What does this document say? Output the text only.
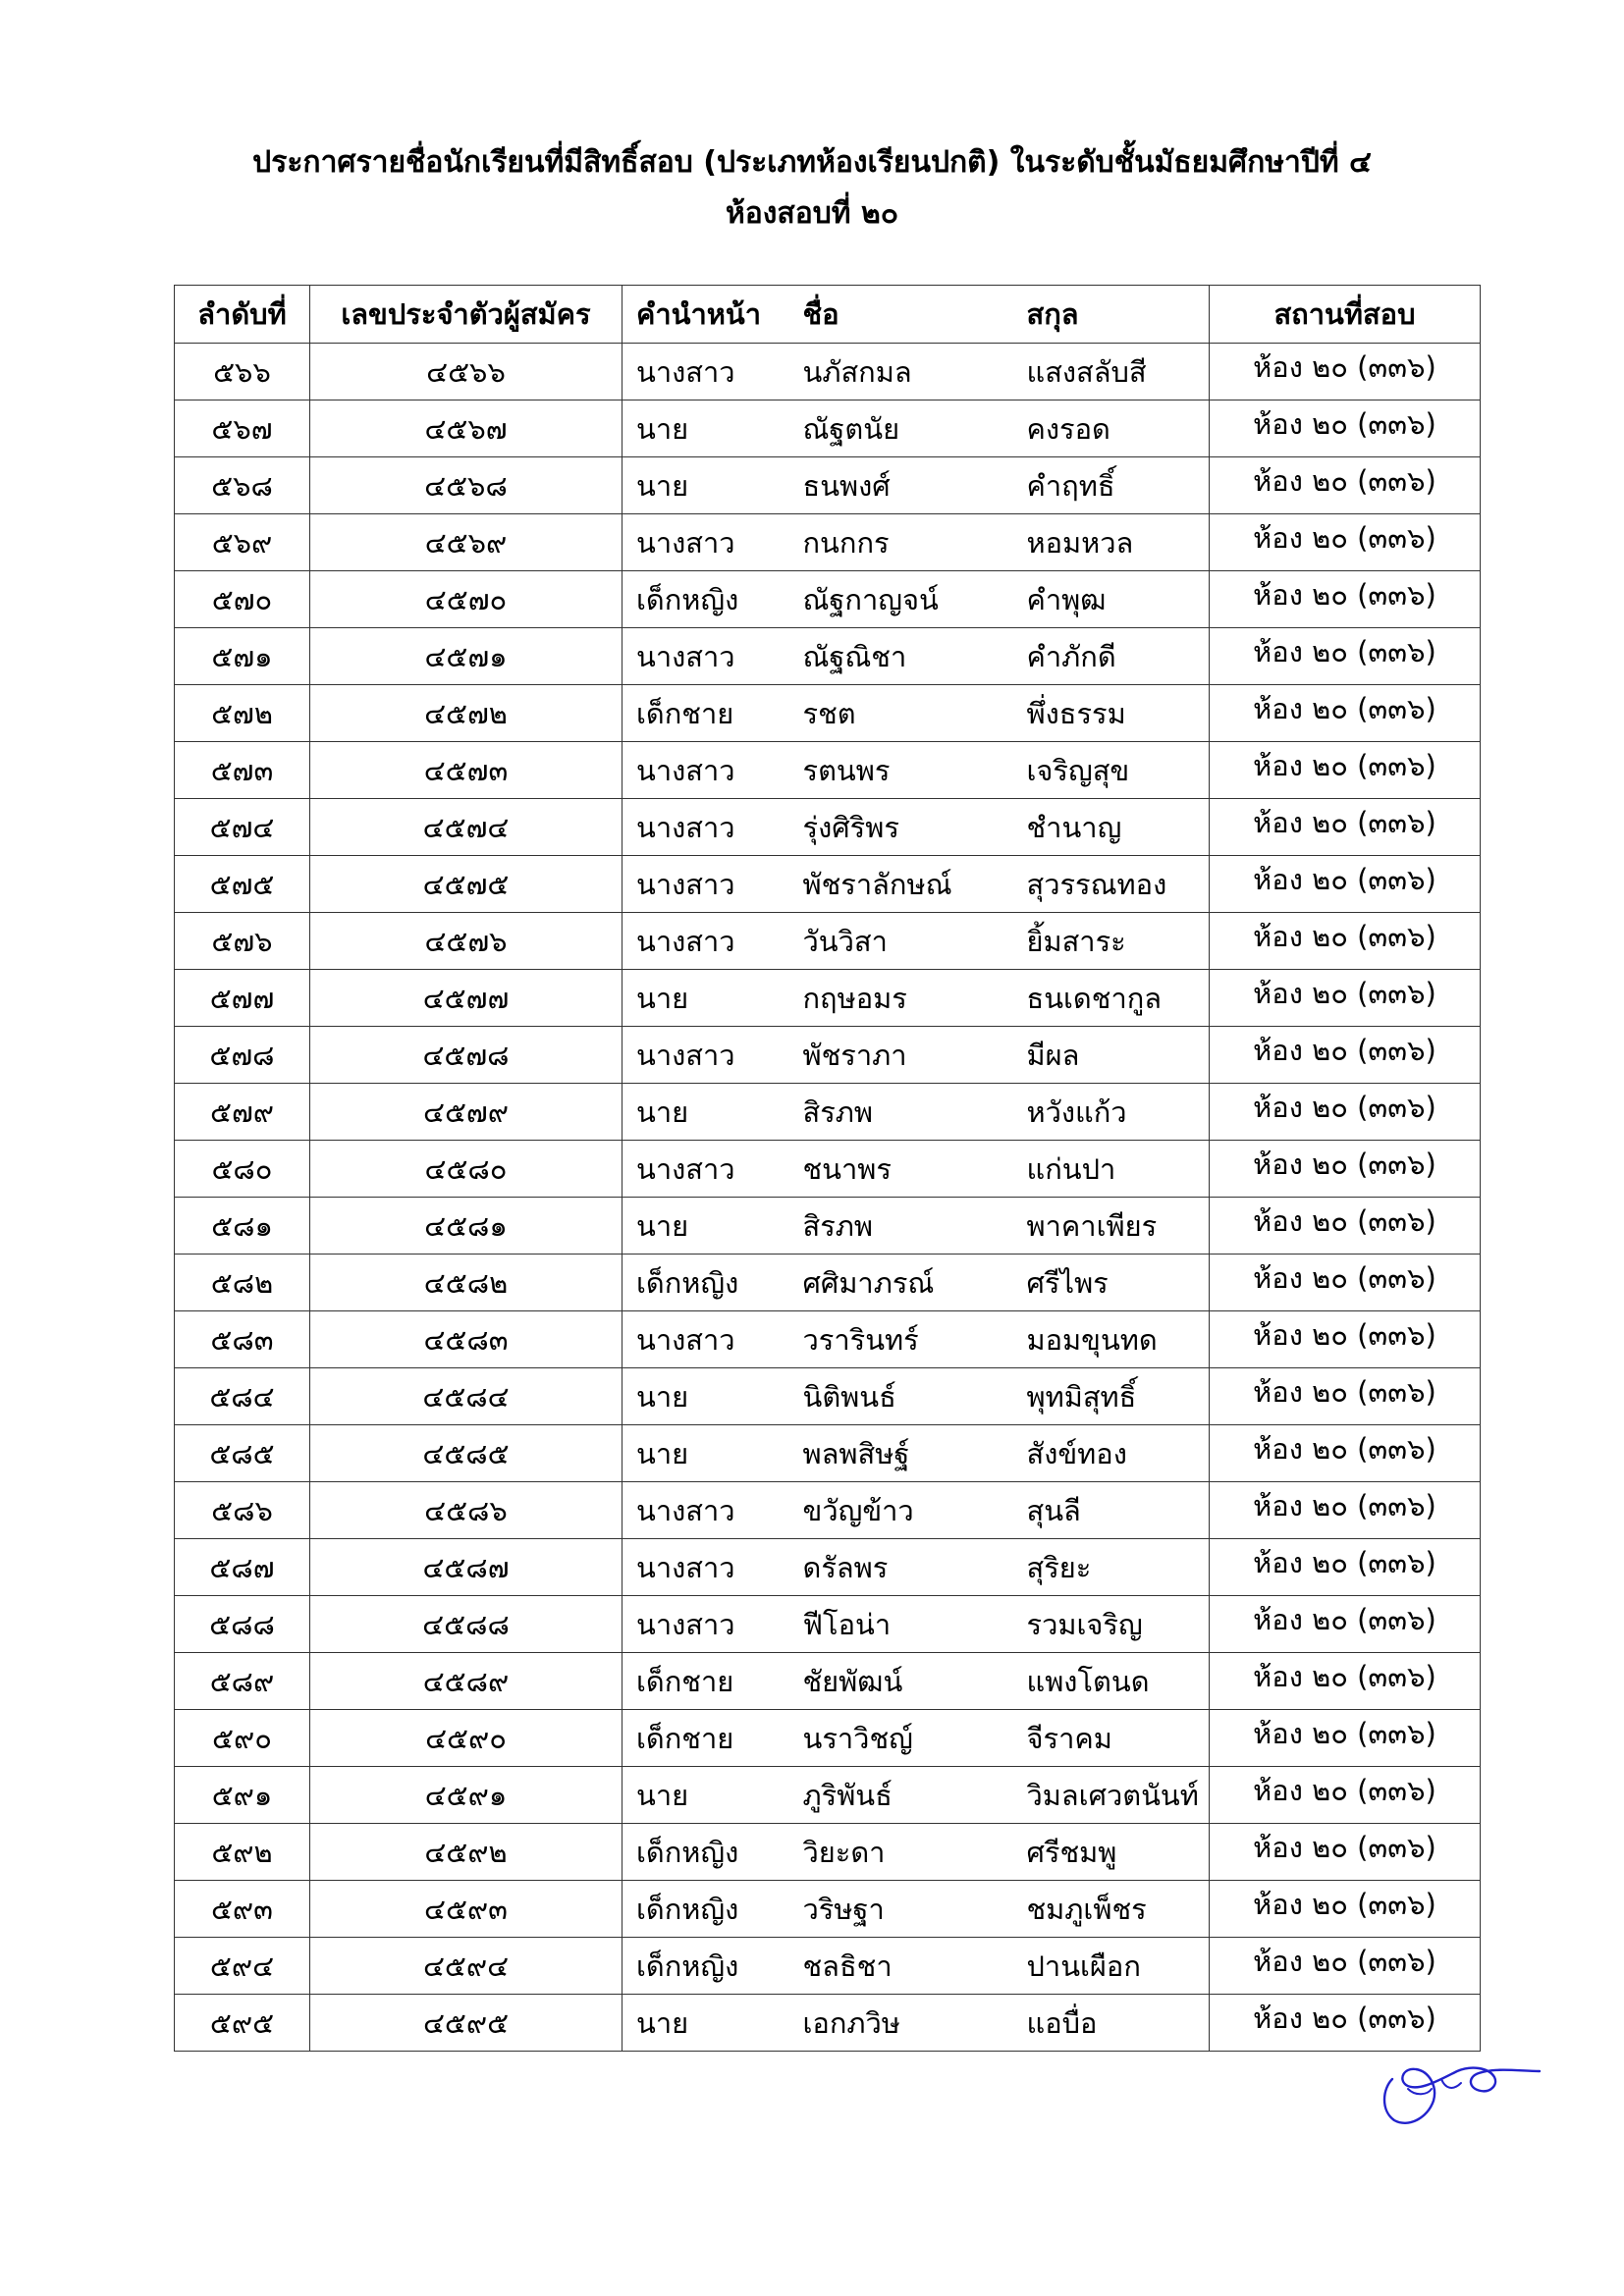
ประกาศรายชื่อนักเรียนที่มีสิทธิ์สอบ (ประเภทห้องเรียนปกติ) ในระดับชั้นมัธยมศึกษาปีที่ ๔
ห้องสอบที่ ๒๐
ลำดับที่	เลขประจำตัวผู้สมัคร	คำนำหน้า	ชื่อ	สกุล	สถานที่สอบ
๕๖๖	๔๕๖๖	นางสาว	นภัสกมล	แสงสลับสี	ห้อง ๒๐ (๓๓๖)
๕๖๗	๔๕๖๗	นาย	ณัฐตนัย	คงรอด	ห้อง ๒๐ (๓๓๖)
๕๖๘	๔๕๖๘	นาย	ธนพงศ์	คำฤทธิ์	ห้อง ๒๐ (๓๓๖)
๕๖๙	๔๕๖๙	นางสาว	กนกกร	หอมหวล	ห้อง ๒๐ (๓๓๖)
๕๗๐	๔๕๗๐	เด็กหญิง	ณัฐกาญจน์	คำพุฒ	ห้อง ๒๐ (๓๓๖)
๕๗๑	๔๕๗๑	นางสาว	ณัฐณิชา	คำภักดี	ห้อง ๒๐ (๓๓๖)
๕๗๒	๔๕๗๒	เด็กชาย	รชต	พึ่งธรรม	ห้อง ๒๐ (๓๓๖)
๕๗๓	๔๕๗๓	นางสาว	รตนพร	เจริญสุข	ห้อง ๒๐ (๓๓๖)
๕๗๔	๔๕๗๔	นางสาว	รุ่งศิริพร	ชำนาญ	ห้อง ๒๐ (๓๓๖)
๕๗๕	๔๕๗๕	นางสาว	พัชราลักษณ์	สุวรรณทอง	ห้อง ๒๐ (๓๓๖)
๕๗๖	๔๕๗๖	นางสาว	วันวิสา	ยิ้มสาระ	ห้อง ๒๐ (๓๓๖)
๕๗๗	๔๕๗๗	นาย	กฤษอมร	ธนเดชากูล	ห้อง ๒๐ (๓๓๖)
๕๗๘	๔๕๗๘	นางสาว	พัชราภา	มีผล	ห้อง ๒๐ (๓๓๖)
๕๗๙	๔๕๗๙	นาย	สิรภพ	หวังแก้ว	ห้อง ๒๐ (๓๓๖)
๕๘๐	๔๕๘๐	นางสาว	ชนาพร	แก่นปา	ห้อง ๒๐ (๓๓๖)
๕๘๑	๔๕๘๑	นาย	สิรภพ	พาคาเพียร	ห้อง ๒๐ (๓๓๖)
๕๘๒	๔๕๘๒	เด็กหญิง	ศศิมาภรณ์	ศรีไพร	ห้อง ๒๐ (๓๓๖)
๕๘๓	๔๕๘๓	นางสาว	วรารินทร์	มอมขุนทด	ห้อง ๒๐ (๓๓๖)
๕๘๔	๔๕๘๔	นาย	นิติพนธ์	พุทมิสุทธิ์	ห้อง ๒๐ (๓๓๖)
๕๘๕	๔๕๘๕	นาย	พลพสิษฐ์	สังข์ทอง	ห้อง ๒๐ (๓๓๖)
๕๘๖	๔๕๘๖	นางสาว	ขวัญข้าว	สุนลี	ห้อง ๒๐ (๓๓๖)
๕๘๗	๔๕๘๗	นางสาว	ดรัลพร	สุริยะ	ห้อง ๒๐ (๓๓๖)
๕๘๘	๔๕๘๘	นางสาว	ฟีโอน่า	รวมเจริญ	ห้อง ๒๐ (๓๓๖)
๕๘๙	๔๕๘๙	เด็กชาย	ชัยพัฒน์	แพงโตนด	ห้อง ๒๐ (๓๓๖)
๕๙๐	๔๕๙๐	เด็กชาย	นราวิชญ์	จีราคม	ห้อง ๒๐ (๓๓๖)
๕๙๑	๔๕๙๑	นาย	ภูริพันธ์	วิมลเศวตนันท์	ห้อง ๒๐ (๓๓๖)
๕๙๒	๔๕๙๒	เด็กหญิง	วิยะดา	ศรีชมพู	ห้อง ๒๐ (๓๓๖)
๕๙๓	๔๕๙๓	เด็กหญิง	วริษฐา	ชมภูเพ็ชร	ห้อง ๒๐ (๓๓๖)
๕๙๔	๔๕๙๔	เด็กหญิง	ชลธิชา	ปานเผือก	ห้อง ๒๐ (๓๓๖)
๕๙๕	๔๕๙๕	นาย	เอกภวิษ	แอบื่อ	ห้อง ๒๐ (๓๓๖)
